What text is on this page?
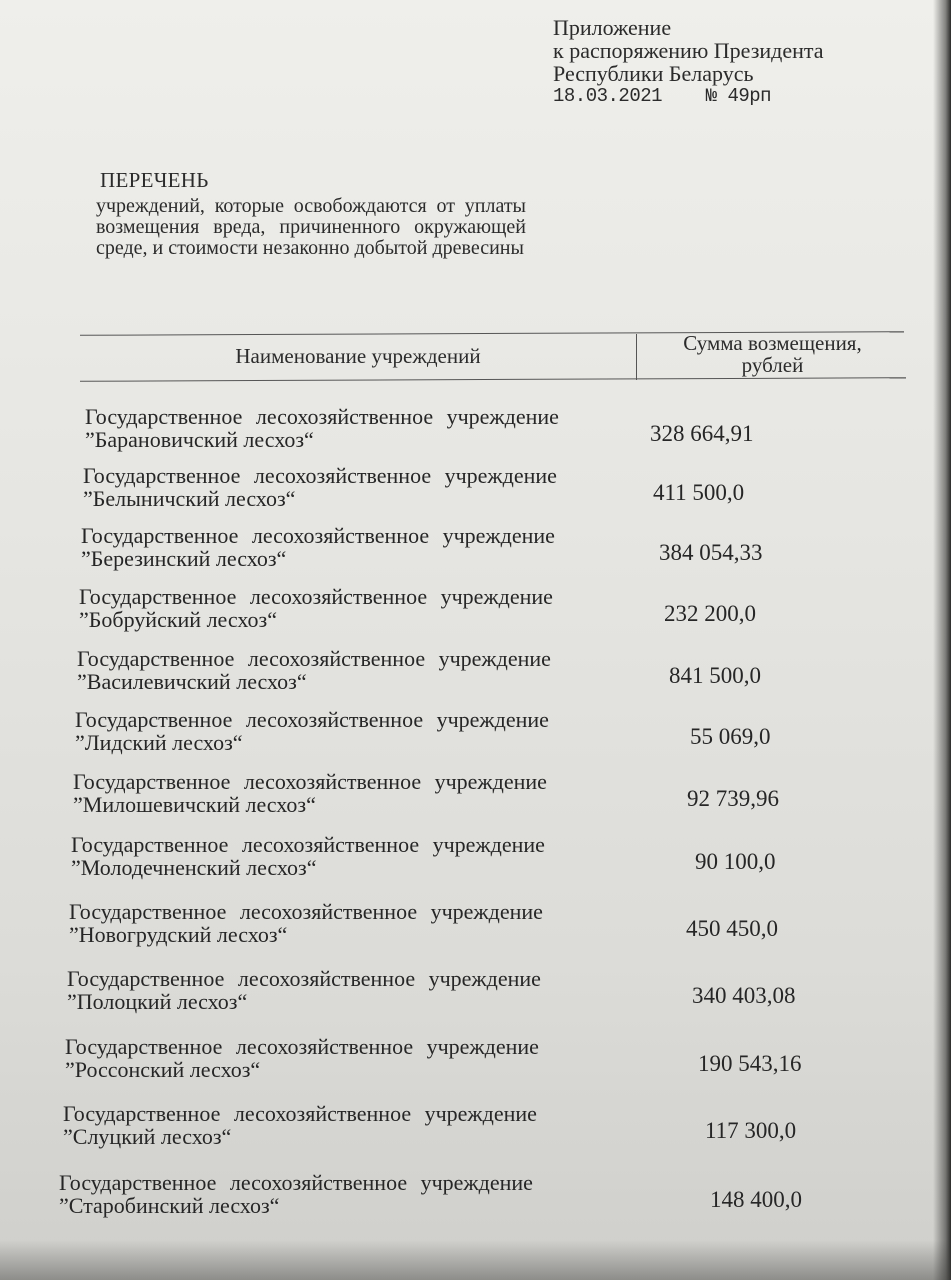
Приложение
к распоряжению Президента
Республики Беларусь
18.03.2021 № 49рп
ПЕРЕЧЕНЬ
учреждений, которые освобождаются от уплаты возмещения вреда, причиненного окружающей среде, и стоимости незаконно добытой древесины
Наименование учреждений
Сумма возмещения,
рублей
Государственное лесохозяйственное учреждение
”Барановичский лесхоз“	328 664,91
Государственное лесохозяйственное учреждение
”Белыничский лесхоз“	411 500,0
Государственное лесохозяйственное учреждение
”Березинский лесхоз“	384 054,33
Государственное лесохозяйственное учреждение
”Бобруйский лесхоз“	232 200,0
Государственное лесохозяйственное учреждение
”Василевичский лесхоз“	841 500,0
Государственное лесохозяйственное учреждение
”Лидский лесхоз“	55 069,0
Государственное лесохозяйственное учреждение
”Милошевичский лесхоз“	92 739,96
Государственное лесохозяйственное учреждение
”Молодечненский лесхоз“	90 100,0
Государственное лесохозяйственное учреждение
”Новогрудский лесхоз“	450 450,0
Государственное лесохозяйственное учреждение
”Полоцкий лесхоз“	340 403,08
Государственное лесохозяйственное учреждение
”Россонский лесхоз“	190 543,16
Государственное лесохозяйственное учреждение
”Слуцкий лесхоз“	117 300,0
Государственное лесохозяйственное учреждение
”Старобинский лесхоз“	148 400,0
